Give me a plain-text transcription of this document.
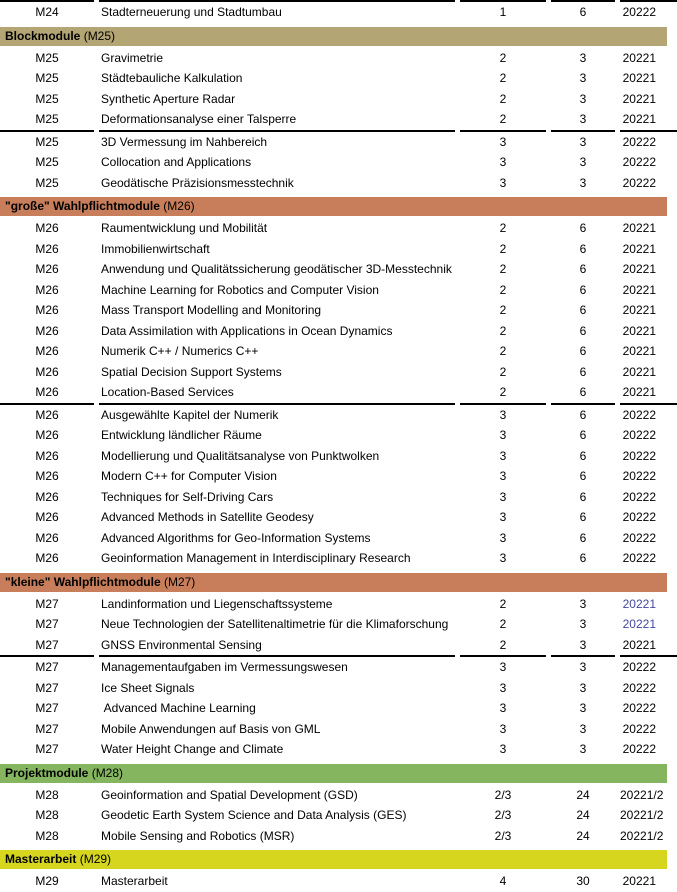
M24	Stadterneuerung und Stadtumbau	1	6	20222
Blockmodule (M25)
M25	Gravimetrie	2	3	20221
M25	Städtebauliche Kalkulation	2	3	20221
M25	Synthetic Aperture Radar	2	3	20221
M25	Deformationsanalyse einer Talsperre	2	3	20221
M25	3D Vermessung im Nahbereich	3	3	20222
M25	Collocation and Applications	3	3	20222
M25	Geodätische Präzisionsmesstechnik	3	3	20222
"große" Wahlpflichtmodule (M26)
M26	Raumentwicklung und Mobilität	2	6	20221
M26	Immobilienwirtschaft	2	6	20221
M26	Anwendung und Qualitätssicherung geodätischer 3D-Messtechnik	2	6	20221
M26	Machine Learning for Robotics and Computer Vision	2	6	20221
M26	Mass Transport Modelling and Monitoring	2	6	20221
M26	Data Assimilation with Applications in Ocean Dynamics	2	6	20221
M26	Numerik C++ / Numerics C++	2	6	20221
M26	Spatial Decision Support Systems	2	6	20221
M26	Location-Based Services	2	6	20221
M26	Ausgewählte Kapitel der Numerik	3	6	20222
M26	Entwicklung ländlicher Räume	3	6	20222
M26	Modellierung und Qualitätsanalyse von Punktwolken	3	6	20222
M26	Modern C++ for Computer Vision	3	6	20222
M26	Techniques for Self-Driving Cars	3	6	20222
M26	Advanced Methods in Satellite Geodesy	3	6	20222
M26	Advanced Algorithms for Geo-Information Systems	3	6	20222
M26	Geoinformation Management in Interdisciplinary Research	3	6	20222
"kleine" Wahlpflichtmodule (M27)
M27	Landinformation und Liegenschaftssysteme	2	3	20221
M27	Neue Technologien der Satellitenaltimetrie für die Klimaforschung	2	3	20221
M27	GNSS Environmental Sensing	2	3	20221
M27	Managementaufgaben im Vermessungswesen	3	3	20222
M27	Ice Sheet Signals	3	3	20222
M27	Advanced Machine Learning	3	3	20222
M27	Mobile Anwendungen auf Basis von GML	3	3	20222
M27	Water Height Change and Climate	3	3	20222
Projektmodule (M28)
M28	Geoinformation and Spatial Development (GSD)	2/3	24	20221/2
M28	Geodetic Earth System Science and Data Analysis (GES)	2/3	24	20221/2
M28	Mobile Sensing and Robotics (MSR)	2/3	24	20221/2
Masterarbeit (M29)
M29	Masterarbeit	4	30	20221
